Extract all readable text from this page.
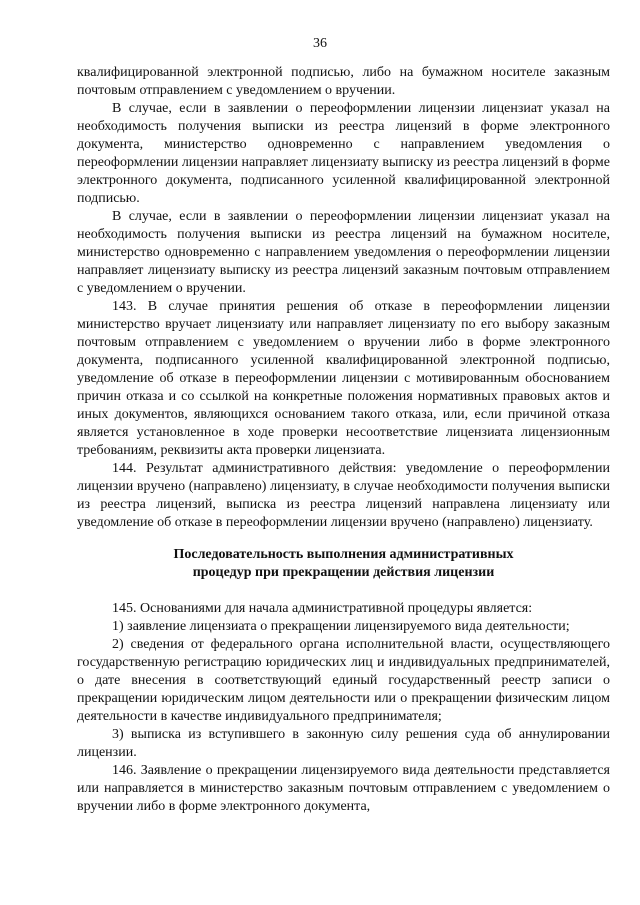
36

квалифицированной электронной подписью, либо на бумажном носителе заказным почтовым отправлением с уведомлением о вручении.

В случае, если в заявлении о переоформлении лицензии лицензиат указал на необходимость получения выписки из реестра лицензий в форме электронного документа, министерство одновременно с направлением уведомления о переоформлении лицензии направляет лицензиату выписку из реестра лицензий в форме электронного документа, подписанного усиленной квалифицированной электронной подписью.

В случае, если в заявлении о переоформлении лицензии лицензиат указал на необходимость получения выписки из реестра лицензий на бумажном носителе, министерство одновременно с направлением уведомления о переоформлении лицензии направляет лицензиату выписку из реестра лицензий заказным почтовым отправлением с уведомлением о вручении.

143. В случае принятия решения об отказе в переоформлении лицензии министерство вручает лицензиату или направляет лицензиату по его выбору заказным почтовым отправлением с уведомлением о вручении либо в форме электронного документа, подписанного усиленной квалифицированной электронной подписью, уведомление об отказе в переоформлении лицензии с мотивированным обоснованием причин отказа и со ссылкой на конкретные положения нормативных правовых актов и иных документов, являющихся основанием такого отказа, или, если причиной отказа является установленное в ходе проверки несоответствие лицензиата лицензионным требованиям, реквизиты акта проверки лицензиата.

144. Результат административного действия: уведомление о переоформлении лицензии вручено (направлено) лицензиату, в случае необходимости получения выписки из реестра лицензий, выписка из реестра лицензий направлена лицензиату или уведомление об отказе в переоформлении лицензии вручено (направлено) лицензиату.

Последовательность выполнения административных
процедур при прекращении действия лицензии

145. Основаниями для начала административной процедуры является:

1) заявление лицензиата о прекращении лицензируемого вида деятельности;

2) сведения от федерального органа исполнительной власти, осуществляющего государственную регистрацию юридических лиц и индивидуальных предпринимателей, о дате внесения в соответствующий единый государственный реестр записи о прекращении юридическим лицом деятельности или о прекращении физическим лицом деятельности в качестве индивидуального предпринимателя;

3) выписка из вступившего в законную силу решения суда об аннулировании лицензии.

146. Заявление о прекращении лицензируемого вида деятельности представляется или направляется в министерство заказным почтовым отправлением с уведомлением о вручении либо в форме электронного документа,
